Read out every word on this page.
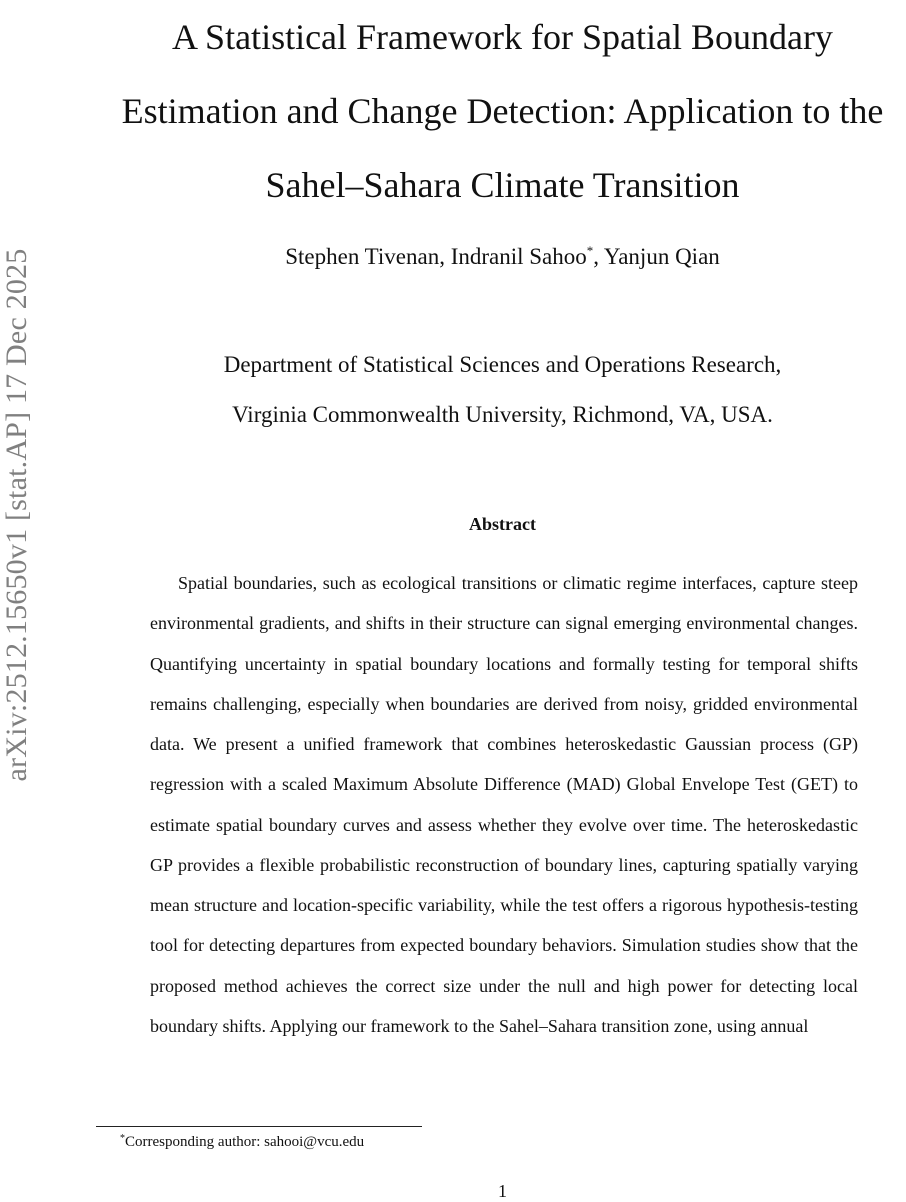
arXiv:2512.15650v1 [stat.AP] 17 Dec 2025
A Statistical Framework for Spatial Boundary
Estimation and Change Detection: Application to the
Sahel–Sahara Climate Transition
Stephen Tivenan, Indranil Sahoo*, Yanjun Qian
Department of Statistical Sciences and Operations Research,
Virginia Commonwealth University, Richmond, VA, USA.
Abstract

Spatial boundaries, such as ecological transitions or climatic regime interfaces, capture steep environmental gradients, and shifts in their structure can signal emerging environmental changes. Quantifying uncertainty in spatial boundary locations and formally testing for temporal shifts remains challenging, especially when boundaries are derived from noisy, gridded environmental data. We present a unified framework that combines heteroskedastic Gaussian process (GP) regression with a scaled Maximum Absolute Difference (MAD) Global Envelope Test (GET) to estimate spatial boundary curves and assess whether they evolve over time. The heteroskedastic GP provides a flexible probabilistic reconstruction of boundary lines, capturing spatially varying mean structure and location-specific variability, while the test offers a rigorous hypothesis-testing tool for detecting departures from expected boundary behaviors. Simulation studies show that the proposed method achieves the correct size under the null and high power for detecting local boundary shifts. Applying our framework to the Sahel–Sahara transition zone, using annual

*Corresponding author: sahooi@vcu.edu
1
